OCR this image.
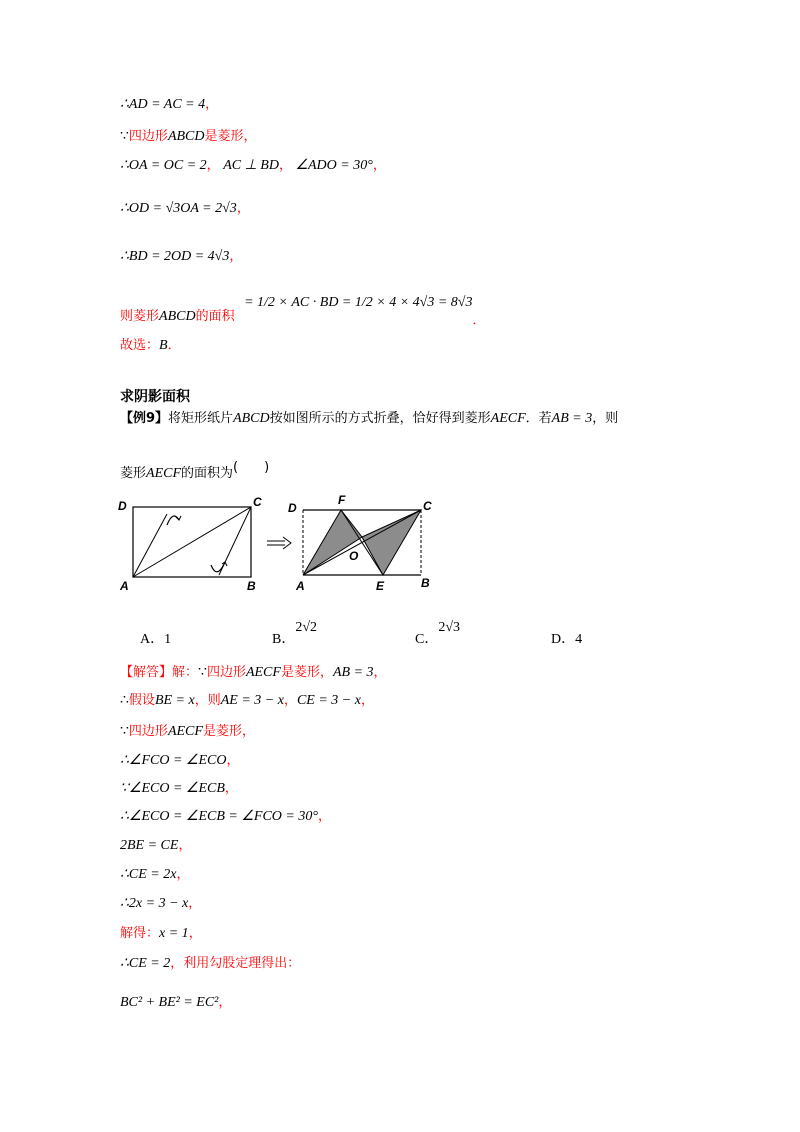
∴AD = AC = 4，
∵四边形ABCD是菱形，
∴OA = OC = 2， AC ⊥ BD， ∠ADO = 30°，
∴OD = √3OA = 2√3，
∴BD = 2OD = 4√3，
则菱形ABCD的面积 = 1/2 × AC · BD = 1/2 × 4 × 4√3 = 8√3．
故选：B．
求阴影面积
【例9】将矩形纸片ABCD按如图所示的方式折叠，恰好得到菱形AECF．若AB = 3，则
菱形AECF的面积为(　　)
D	C
A	B
D
F	C
O
A	E	B
A．1	B．2√2
C．2√3
D．4
【解答】解：∵四边形AECF是菱形，AB = 3，
∴假设BE = x，则AE = 3 − x，CE = 3 − x，
∵四边形AECF是菱形，
∴∠FCO = ∠ECO，
∵∠ECO = ∠ECB，
∴∠ECO = ∠ECB = ∠FCO = 30°，
2BE = CE，
∴CE = 2x，
∴2x = 3 − x，
解得：x = 1，
∴CE = 2，利用勾股定理得出：
BC² + BE² = EC²，
